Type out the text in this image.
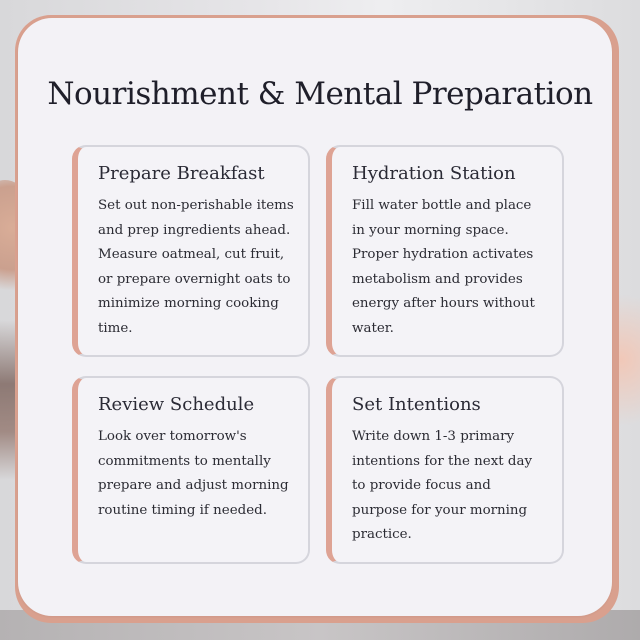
Nourishment & Mental Preparation
Prepare Breakfast

Set out non-perishable items and prep ingredients ahead. Measure oatmeal, cut fruit, or prepare overnight oats to minimize morning cooking time.

Hydration Station

Fill water bottle and place in your morning space. Proper hydration activates metabolism and provides energy after hours without water.

Review Schedule

Look over tomorrow's commitments to mentally prepare and adjust morning routine timing if needed.

Set Intentions

Write down 1-3 primary intentions for the next day to provide focus and purpose for your morning practice.
